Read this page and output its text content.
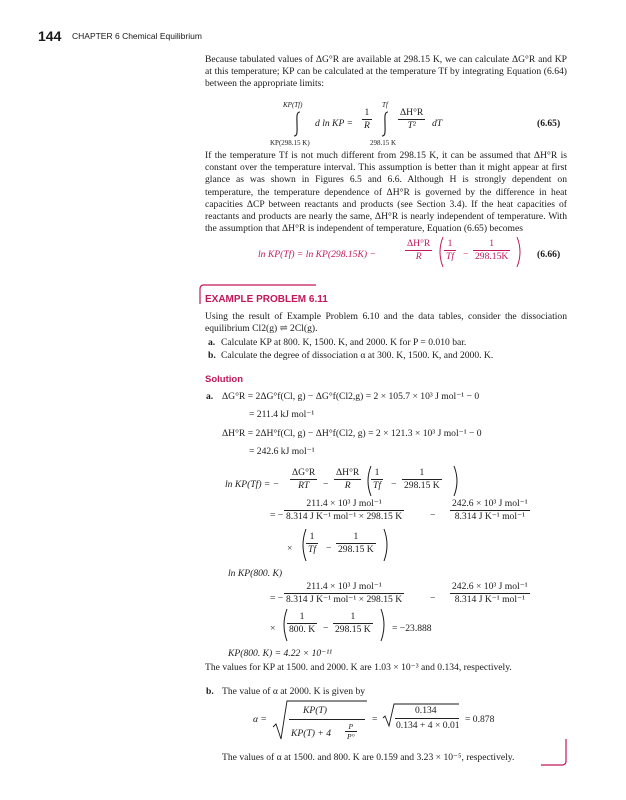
144 CHAPTER 6 Chemical Equilibrium
Because tabulated values of ΔG°R are available at 298.15 K, we can calculate ΔG°R and KP at this temperature; KP can be calculated at the temperature Tf by integrating Equation (6.64) between the appropriate limits:
KP(Tf)
KP(298.15 K)
d ln KP = $\frac{1}{R}$
Tf
298.15 K
$\frac{\Delta H^\circ R}{\text{T²}}$ dT	(6.65)
If the temperature Tf is not much different from 298.15 K, it can be assumed that ΔH°R is constant over the temperature interval. This assumption is better than it might appear at first glance as was shown in Figures 6.5 and 6.6. Although H is strongly dependent on temperature, the temperature dependence of ΔH°R is governed by the difference in heat capacities ΔCP between reactants and products (see Section 3.4). If the heat capacities of reactants and products are nearly the same, ΔH°R is nearly independent of temperature. With the assumption that ΔH°R is independent of temperature, Equation (6.65) becomes
ln KP(Tf) = ln KP(298.15K) −	$\frac{\Delta H^\circ R}{R} \frac{1}{Tf} - \frac{1}{298.15K}$	(6.66)
EXAMPLE PROBLEM 6.11
Using the result of Example Problem 6.10 and the data tables, consider the dissociation equilibrium Cl2(g) ⇌ 2Cl(g).
a. Calculate KP at 800. K, 1500. K, and 2000. K for P = 0.010 bar.
b. Calculate the degree of dissociation α at 300. K, 1500. K, and 2000. K.
Solution
a. ΔG°R = 2ΔG°f(Cl, g) − ΔG°f(Cl2,g) = 2 × 105.7 × 10³ J mol⁻¹ − 0
= 211.4 kJ mol⁻¹
ΔH°R = 2ΔH°f(Cl, g) − ΔH°f(Cl2, g) = 2 × 121.3 × 10³ J mol⁻¹ − 0
= 242.6 kJ mol⁻¹
ln KP(Tf) = − $\frac{\Delta G^\circ R}{RT} - \frac{\Delta H^\circ R}{R} \frac{1}{Tf} - \frac{1}{298.15 K}$
= −
211.4 × 10³ J mol⁻¹
8.314 J K⁻¹ mol⁻¹ × 298.15 K	−
242.6 × 10³ J mol⁻¹
8.314 J K⁻¹ mol⁻¹
× $\frac{1}{Tf} - \frac{1}{298.15 K}$
ln KP(800. K)
= −
211.4 × 10³ J mol⁻¹
8.314 J K⁻¹ mol⁻¹ × 298.15 K	−
242.6 × 10³ J mol⁻¹
8.314 J K⁻¹ mol⁻¹
× $\frac{1}{800. K} - \frac{1}{298.15 K} = -23.888$
KP(800. K) = 4.22 × 10⁻¹¹
The values for KP at 1500. and 2000. K are 1.03 × 10⁻³ and 0.134, respectively.
b. The value of α at 2000. K is given by
α =
KP(T)
$KP(T) + 4 \frac{P}{P^\circ}$
=
0.134
0.134 + 4 × 0.01
= 0.878
The values of α at 1500. and 800. K are 0.159 and 3.23 × 10⁻⁵, respectively.
